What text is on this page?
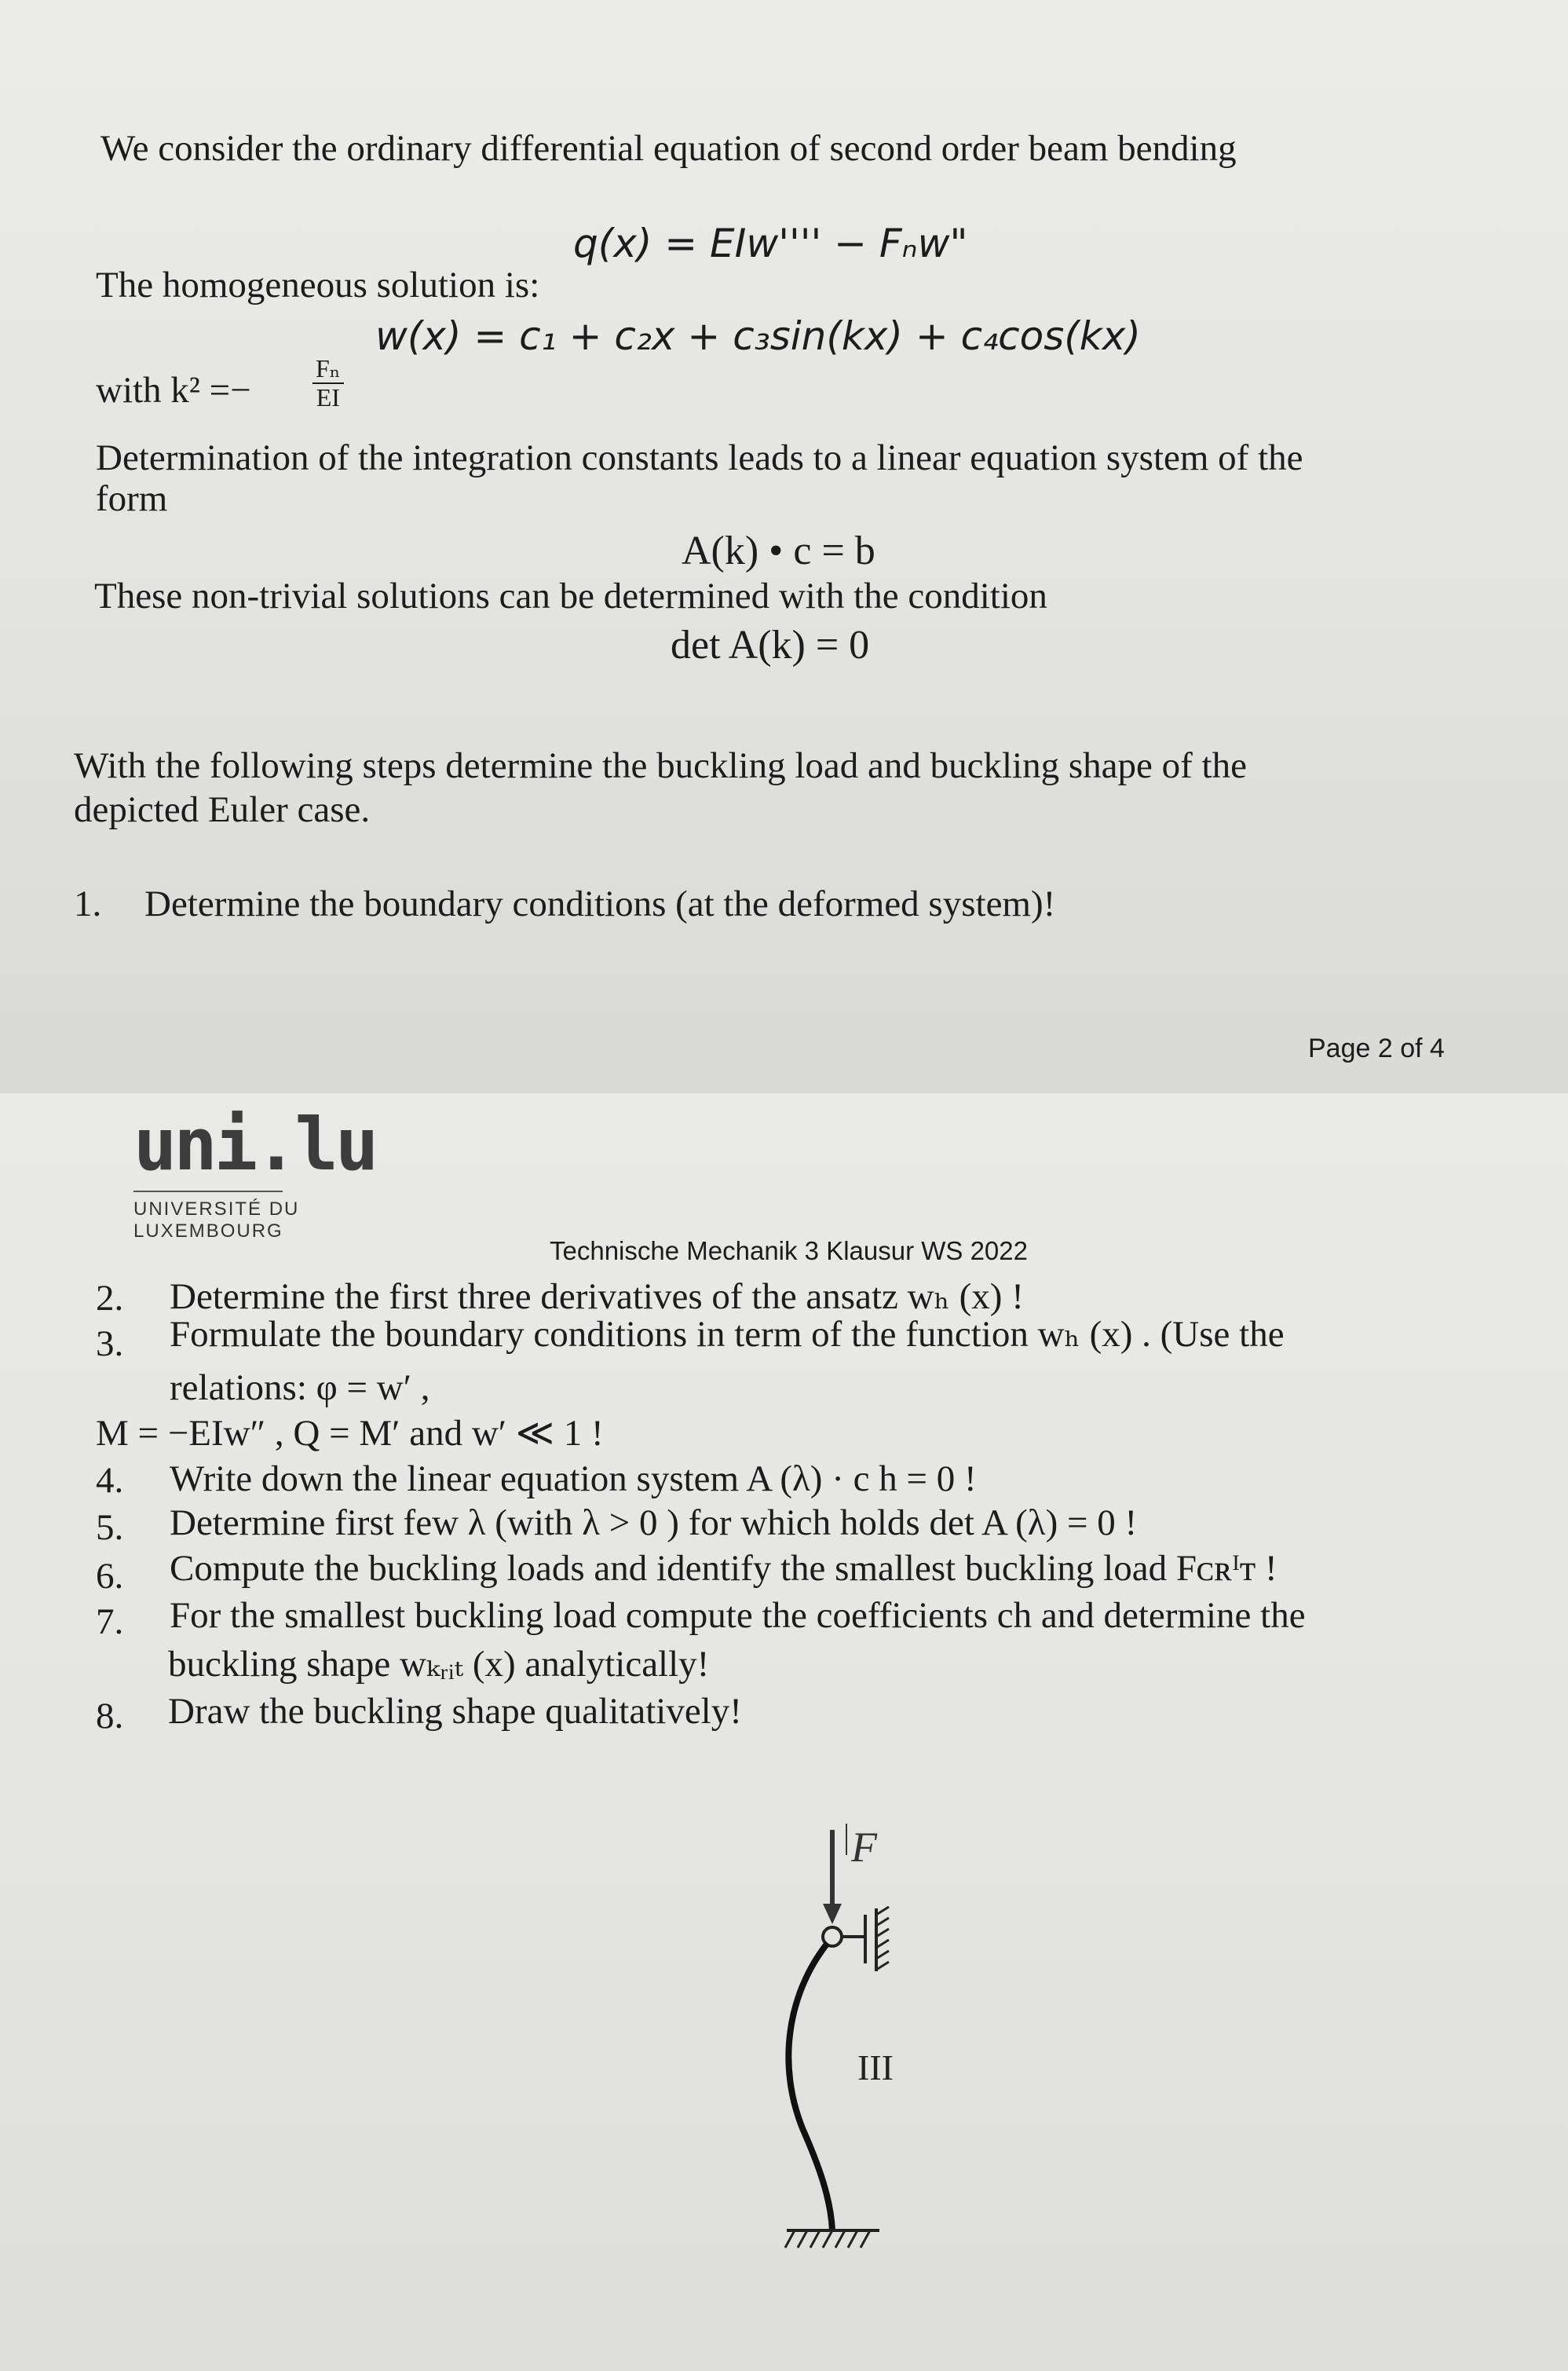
We consider the ordinary differential equation of second order beam bending
q(x) = EIw'''' − Fₙw"
The homogeneous solution is:
w(x) = c₁ + c₂x + c₃sin(kx) + c₄cos(kx)
with $k^2 =- \frac{\text{Fₙ}}{EI}$
Determination of the integration constants leads to a linear equation system of the
form
A(k) • c = b
These non-trivial solutions can be determined with the condition
det A(k) = 0
With the following steps determine the buckling load and buckling shape of the
depicted Euler case.
1. Determine the boundary conditions (at the deformed system)!
Page 2 of 4
uni.lu
UNIVERSITÉ DU
LUXEMBOURG
Technische Mechanik 3 Klausur WS 2022
2. Determine the first three derivatives of the ansatz wₕ (x) !
3. Formulate the boundary conditions in term of the function wₕ (x) . (Use the
relations: φ = w′ ,
M = −EIw″ , Q = M′ and w′ ≪ 1 !
4. Write down the linear equation system A (λ) · c h = 0 !
5. Determine first few λ (with λ > 0 ) for which holds det A (λ) = 0 !
6. Compute the buckling loads and identify the smallest buckling load Fᴄʀᴵᴛ !
7. For the smallest buckling load compute the coefficients ch and determine the
buckling shape wₖᵣᵢₜ (x) analytically!
8. Draw the buckling shape qualitatively!
F
III
